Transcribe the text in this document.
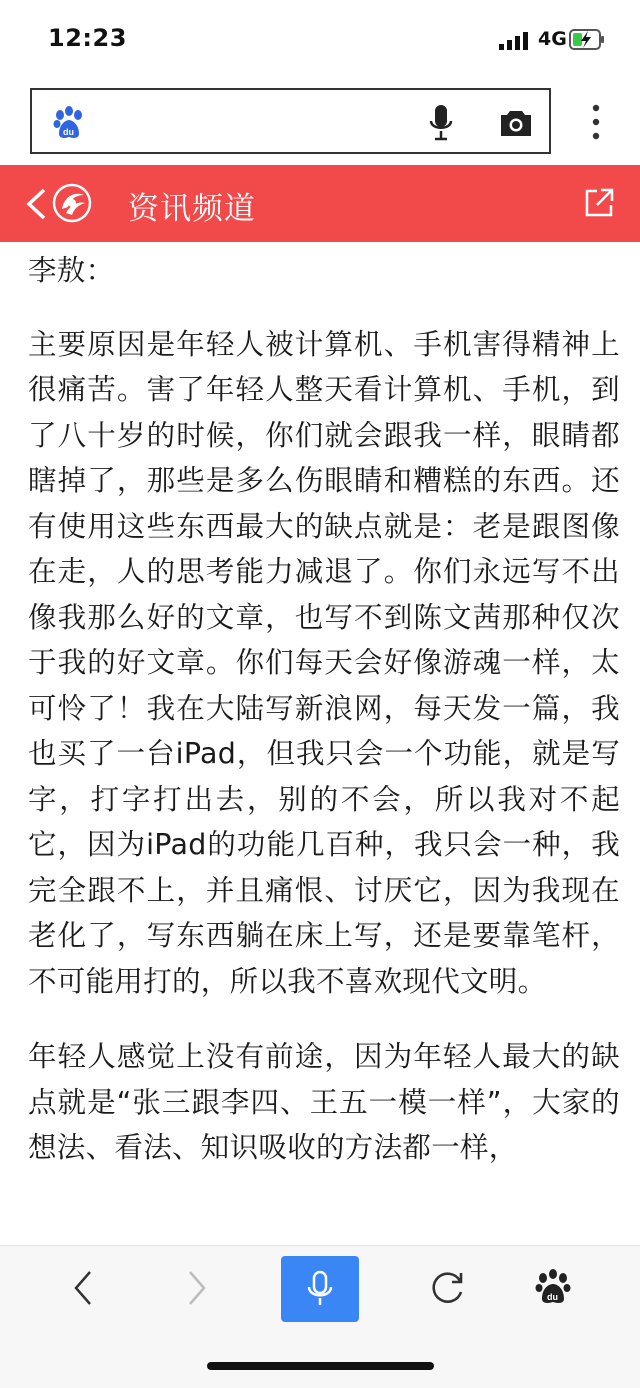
12:23	4G
du
资讯频道

李敖：

主要原因是年轻人被计算机、手机害得精神上很痛苦。害了年轻人整天看计算机、手机，到了八十岁的时候，你们就会跟我一样，眼睛都瞎掉了，那些是多么伤眼睛和糟糕的东西。还有使用这些东西最大的缺点就是：老是跟图像在走，人的思考能力减退了。你们永远写不出像我那么好的文章，也写不到陈文茜那种仅次于我的好文章。你们每天会好像游魂一样，太可怜了！我在大陆写新浪网，每天发一篇，我也买了一台iPad，但我只会一个功能，就是写字，打字打出去，别的不会，所以我对不起它，因为iPad的功能几百种，我只会一种，我完全跟不上，并且痛恨、讨厌它，因为我现在老化了，写东西躺在床上写，还是要靠笔杆，不可能用打的，所以我不喜欢现代文明。

年轻人感觉上没有前途，因为年轻人最大的缺点就是“张三跟李四、王五一模一样”，大家的想法、看法、知识吸收的方法都一样，

du
